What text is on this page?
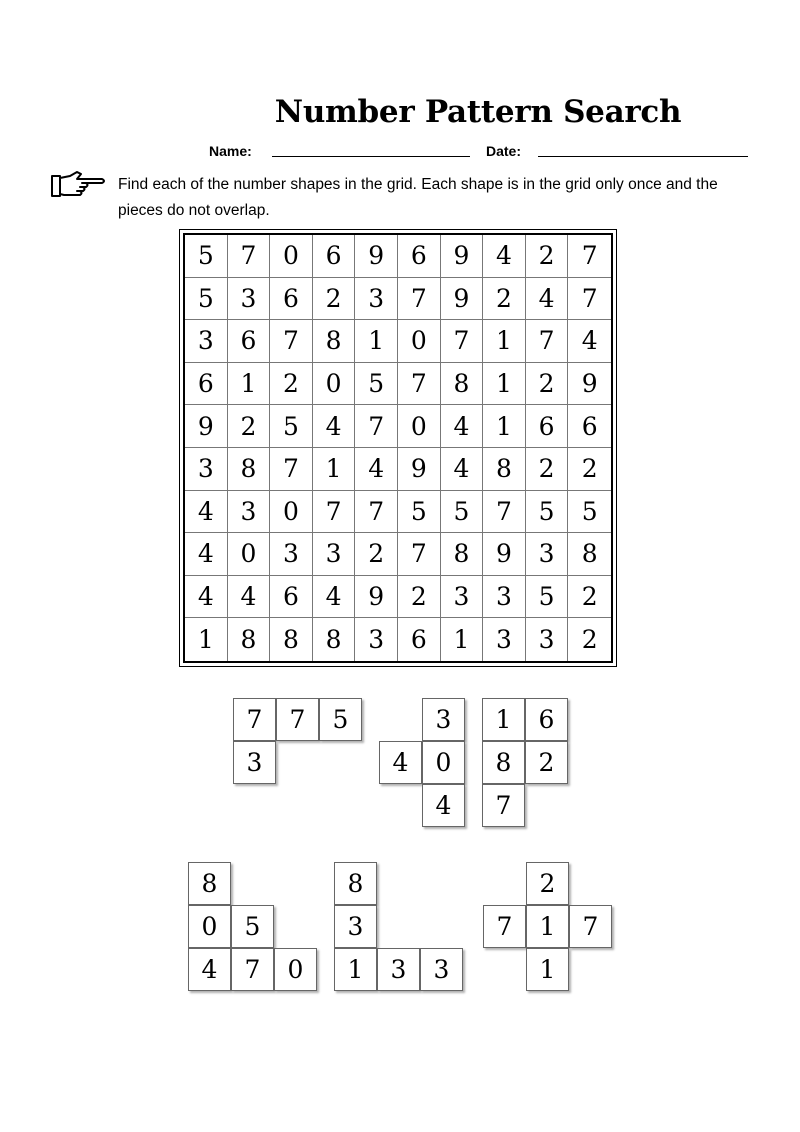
Number Pattern Search
Name:	Date:
Find each of the number shapes in the grid. Each shape is in the grid only once and the pieces do not overlap.
5	7	0	6	9	6	9	4	2	7
5	3	6	2	3	7	9	2	4	7
3	6	7	8	1	0	7	1	7	4
6	1	2	0	5	7	8	1	2	9
9	2	5	4	7	0	4	1	6	6
3	8	7	1	4	9	4	8	2	2
4	3	0	7	7	5	5	7	5	5
4	0	3	3	2	7	8	9	3	8
4	4	6	4	9	2	3	3	5	2
1	8	8	8	3	6	1	3	3	2
7	7	5
3
3
4	0
4
1	6
8	2
7
8
0	5
4	7	0
8
3
1	3	3
2
7	1	7
1
